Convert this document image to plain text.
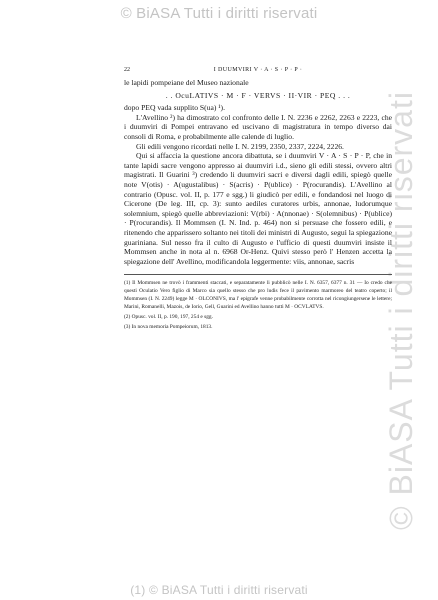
© BiASA Tutti i diritti riservati
© BiASA Tutti i diritti riservati
22	I DUUMVIRI V · A · S · P · P ·

le lapidi pompeiane del Museo nazionale

. . OcuLATIVS · M · F · VERVS · II·VIR · PEQ . . .

dopo PEQ vada supplito S(ua) ¹).

L'Avellino ²) ha dimostrato col confronto delle I. N. 2236 e 2262, 2263 e 2223, che i duumviri di Pompei entravano ed uscivano di magistratura in tempo diverso dai consoli di Roma, e probabilmente alle calende di luglio.

Gli edili vengono ricordati nelle I. N. 2199, 2350, 2337, 2224, 2226.

Qui si affaccia la questione ancora dibattuta, se i duumviri V · A · S · P · P, che in tante lapidi sacre vengono appresso ai duumviri i.d., sieno gli edili stessi, ovvero altri magistrati. Il Guarini ³) credendo li duumviri sacri e diversi dagli edili, spiegò quelle note V(otis) · A(ugustalibus) · S(acris) · P(ublice) · P(rocurandis). L'Avellino al contrario (Opusc. vol. II, p. 177 e sgg.) li giudicò per edili, e fondandosi nel luogo di Cicerone (De leg. III, cp. 3): sunto aediles curatores urbis, annonae, ludorumque solemnium, spiegò quelle abbreviazioni: V(rbi) · A(nnonae) · S(olemnibus) · P(ublice) · P(rocurandis). Il Mommsen (I. N. Ind. p. 464) non si persuase che fossero edili, e ritenendo che apparissero soltanto nei titoli dei ministri di Augusto, seguì la spiegazione guariniana. Sul nesso fra il culto di Augusto e l'ufficio di questi duumviri insiste il Mommsen anche in nota al n. 6968 Or-Henz. Quivi stesso però l' Henzen accetta la spiegazione dell' Avellino, modificandola leggermente: viis, annonae, sacris

(1) Il Mommsen ne trovò i frammenti staccati, e separatamente li pubblicò nelle I. N. 6357, 6377 n. 31 — Io credo che questi Oculatio Vero figlio di Marco sia quello stesso che pro ludis fece il pavimento marmoreo del teatro coperto; il Mommsen (I. N. 2249) legge M · OLCONIVS, ma l' epigrafe venne probabilmente corrotta nel ricongiungersene le lettere; Marini, Romanelli, Mazois, de Iorio, Gell, Guarini ed Avellino hanno tutti M · OCVLATVS.

(2) Opusc. vol. II, p. 190, 197, 254 e sgg.

(3) In nova memoria Pompeiorum, 1813.

(1) © BiASA Tutti i diritti riservati
